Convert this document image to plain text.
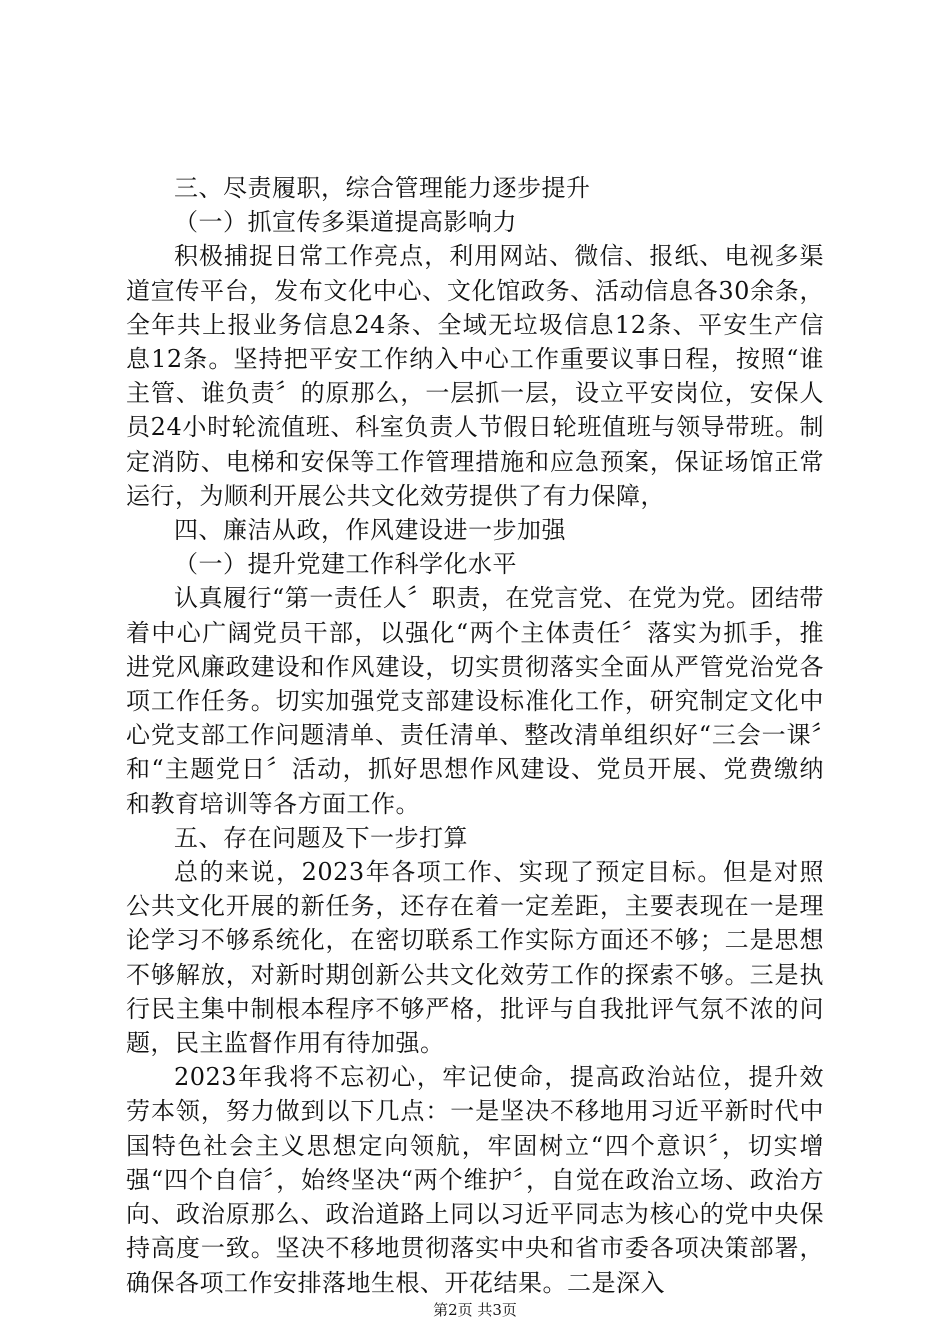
三、尽责履职，综合管理能力逐步提升

（一）抓宣传多渠道提高影响力

积极捕捉日常工作亮点，利用网站、微信、报纸、电视多渠道宣传平台，发布文化中心、文化馆政务、活动信息各30余条，全年共上报业务信息24条、全域无垃圾信息12条、平安生产信息12条。坚持把平安工作纳入中心工作重要议事日程，按照“谁主管、谁负责〞的原那么，一层抓一层，设立平安岗位，安保人员24小时轮流值班、科室负责人节假日轮班值班与领导带班。制定消防、电梯和安保等工作管理措施和应急预案，保证场馆正常运行，为顺利开展公共文化效劳提供了有力保障，

四、廉洁从政，作风建设进一步加强

（一）提升党建工作科学化水平

认真履行“第一责任人〞职责，在党言党、在党为党。团结带着中心广阔党员干部，以强化“两个主体责任〞落实为抓手，推进党风廉政建设和作风建设，切实贯彻落实全面从严管党治党各项工作任务。切实加强党支部建设标准化工作，研究制定文化中心党支部工作问题清单、责任清单、整改清单组织好“三会一课〞和“主题党日〞活动，抓好思想作风建设、党员开展、党费缴纳和教育培训等各方面工作。

五、存在问题及下一步打算

总的来说，2023年各项工作、实现了预定目标。但是对照公共文化开展的新任务，还存在着一定差距，主要表现在一是理论学习不够系统化，在密切联系工作实际方面还不够；二是思想不够解放，对新时期创新公共文化效劳工作的探索不够。三是执行民主集中制根本程序不够严格，批评与自我批评气氛不浓的问题，民主监督作用有待加强。

2023年我将不忘初心，牢记使命，提高政治站位，提升效劳本领，努力做到以下几点：一是坚决不移地用习近平新时代中国特色社会主义思想定向领航，牢固树立“四个意识〞，切实增强“四个自信〞，始终坚决“两个维护〞，自觉在政治立场、政治方向、政治原那么、政治道路上同以习近平同志为核心的党中央保持高度一致。坚决不移地贯彻落实中央和省市委各项决策部署，确保各项工作安排落地生根、开花结果。二是深入

第2页 共3页
